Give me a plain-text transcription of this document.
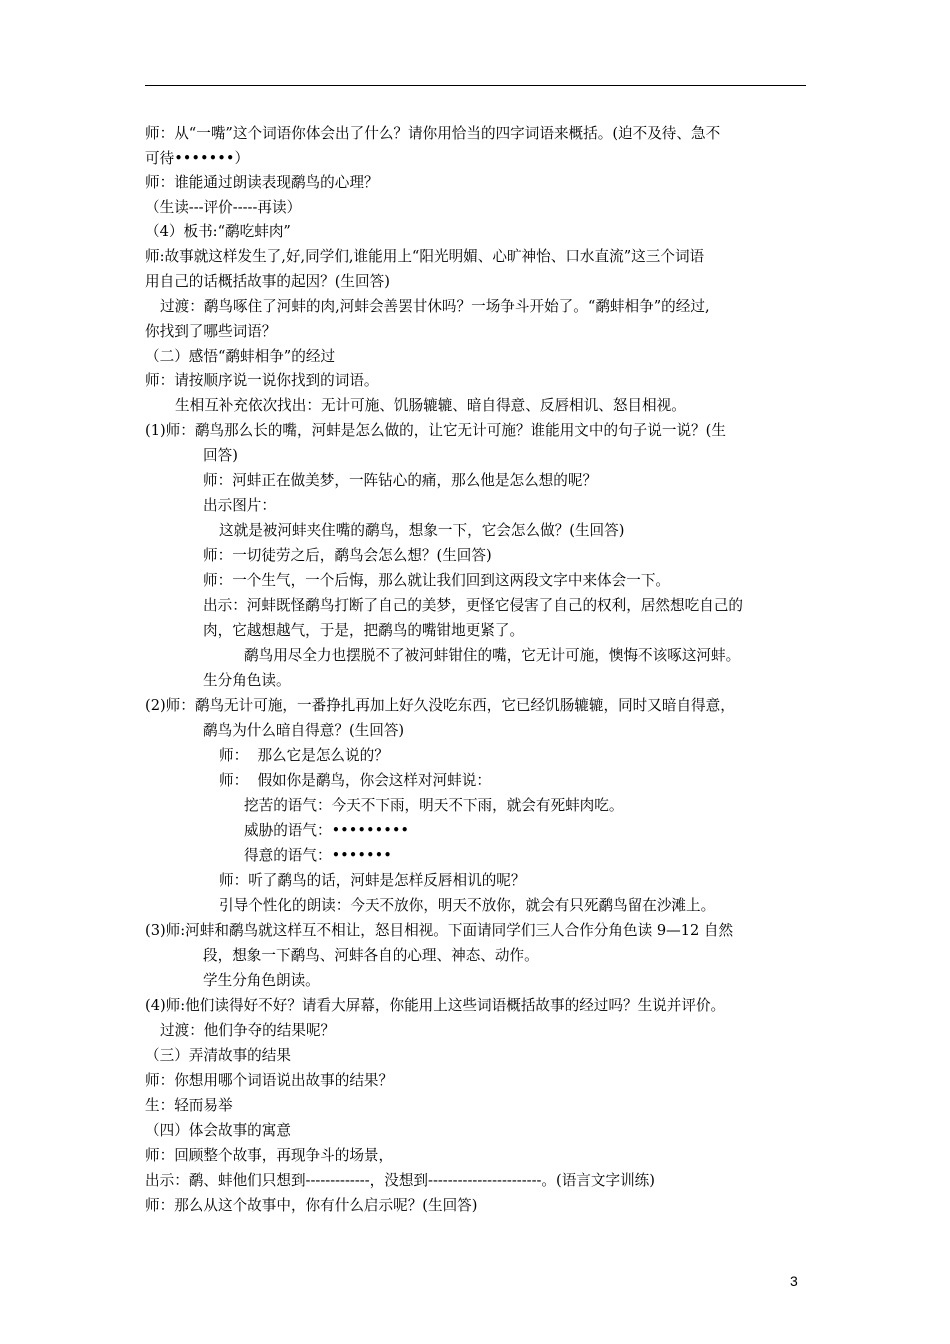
师：从“一嘴”这个词语你体会出了什么？请你用恰当的四字词语来概括。(迫不及待、急不
可待•••••••）
师：谁能通过朗读表现鹬鸟的心理？
（生读---评价-----再读）
（4）板书:“鹬吃蚌肉”
师:故事就这样发生了,好,同学们,谁能用上“阳光明媚、心旷神怡、口水直流”这三个词语
用自己的话概括故事的起因？(生回答)
过渡：鹬鸟啄住了河蚌的肉,河蚌会善罢甘休吗？一场争斗开始了。“鹬蚌相争”的经过,
你找到了哪些词语？
（二）感悟“鹬蚌相争”的经过
师：请按顺序说一说你找到的词语。
生相互补充依次找出：无计可施、饥肠辘辘、暗自得意、反唇相讥、怒目相视。
(1)师：鹬鸟那么长的嘴，河蚌是怎么做的，让它无计可施？谁能用文中的句子说一说？(生
回答)
师：河蚌正在做美梦，一阵钻心的痛，那么他是怎么想的呢？
出示图片：
这就是被河蚌夹住嘴的鹬鸟，想象一下，它会怎么做？(生回答)
师：一切徒劳之后，鹬鸟会怎么想？(生回答)
师：一个生气，一个后悔，那么就让我们回到这两段文字中来体会一下。
出示：河蚌既怪鹬鸟打断了自己的美梦，更怪它侵害了自己的权利，居然想吃自己的
肉，它越想越气，于是，把鹬鸟的嘴钳地更紧了。
鹬鸟用尽全力也摆脱不了被河蚌钳住的嘴，它无计可施，懊悔不该啄这河蚌。
生分角色读。
(2)师：鹬鸟无计可施，一番挣扎再加上好久没吃东西，它已经饥肠辘辘，同时又暗自得意，
鹬鸟为什么暗自得意？(生回答)
师：  那么它是怎么说的？
师：  假如你是鹬鸟，你会这样对河蚌说：
挖苦的语气：今天不下雨，明天不下雨，就会有死蚌肉吃。
威胁的语气：•••••••••
得意的语气：•••••••
师：听了鹬鸟的话，河蚌是怎样反唇相讥的呢？
引导个性化的朗读：今天不放你，明天不放你，就会有只死鹬鸟留在沙滩上。
(3)师:河蚌和鹬鸟就这样互不相让，怒目相视。下面请同学们三人合作分角色读 9—12 自然
段，想象一下鹬鸟、河蚌各自的心理、神态、动作。
学生分角色朗读。
(4)师:他们读得好不好？请看大屏幕，你能用上这些词语概括故事的经过吗？生说并评价。
过渡：他们争夺的结果呢？
（三）弄清故事的结果
师：你想用哪个词语说出故事的结果？
生：轻而易举
（四）体会故事的寓意
师：回顾整个故事，再现争斗的场景，
出示：鹬、蚌他们只想到-------------，没想到-----------------------。(语言文字训练)
师：那么从这个故事中，你有什么启示呢？(生回答)
3
